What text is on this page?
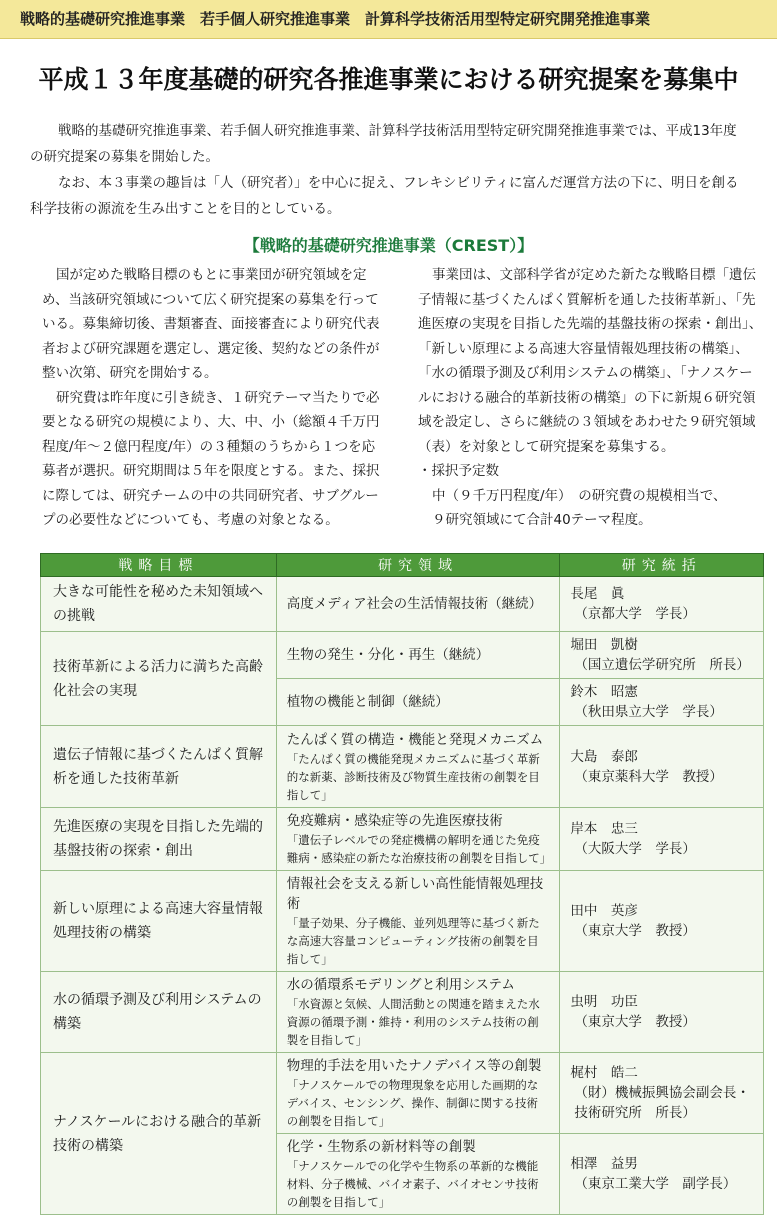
戦略的基礎研究推進事業　若手個人研究推進事業　計算科学技術活用型特定研究開発推進事業
平成１３年度基礎的研究各推進事業における研究提案を募集中

戦略的基礎研究推進事業、若手個人研究推進事業、計算科学技術活用型特定研究開発推進事業では、平成13年度の研究提案の募集を開始した。

なお、本３事業の趣旨は「人（研究者）」を中心に捉え、フレキシビリティに富んだ運営方法の下に、明日を創る科学技術の源流を生み出すことを目的としている。

【戦略的基礎研究推進事業（CREST）】

国が定めた戦略目標のもとに事業団が研究領域を定め、当該研究領域について広く研究提案の募集を行っている。募集締切後、書類審査、面接審査により研究代表者および研究課題を選定し、選定後、契約などの条件が整い次第、研究を開始する。

研究費は昨年度に引き続き、１研究テーマ当たりで必要となる研究の規模により、大、中、小（総額４千万円程度/年〜２億円程度/年）の３種類のうちから１つを応募者が選択。研究期間は５年を限度とする。また、採択に際しては、研究チームの中の共同研究者、サブグループの必要性などについても、考慮の対象となる。

事業団は、文部科学省が定めた新たな戦略目標「遺伝子情報に基づくたんぱく質解析を通した技術革新」、「先進医療の実現を目指した先端的基盤技術の探索・創出」、「新しい原理による高速大容量情報処理技術の構築」、「水の循環予測及び利用システムの構築」、「ナノスケールにおける融合的革新技術の構築」の下に新規６研究領域を設定し、さらに継続の３領域をあわせた９研究領域（表）を対象として研究提案を募集する。

・採択予定数

中（９千万円程度/年）　の研究費の規模相当で、

９研究領域にて合計40テーマ程度。

戦略目標	研究領域	研究統括
大きな可能性を秘めた未知領域への挑戦	高度メディア社会の生活情報技術（継続）	長尾　眞
（京都大学　学長）

技術革新による活力に満ちた高齢化社会の実現	生物の発生・分化・再生（継続）	堀田　凱樹
（国立遺伝学研究所　所長）

	植物の機能と制御（継続）	鈴木　昭憲
（秋田県立大学　学長）

遺伝子情報に基づくたんぱく質解析を通した技術革新	たんぱく質の構造・機能と発現メカニズム
「たんぱく質の機能発現メカニズムに基づく革新的な新薬、診断技術及び物質生産技術の創製を目指して」	大島　泰郎
（東京薬科大学　教授）

先進医療の実現を目指した先端的基盤技術の探索・創出	免疫難病・感染症等の先進医療技術
「遺伝子レベルでの発症機構の解明を通じた免疫難病・感染症の新たな治療技術の創製を目指して」	岸本　忠三
（大阪大学　学長）

新しい原理による高速大容量情報処理技術の構築	情報社会を支える新しい高性能情報処理技術
「量子効果、分子機能、並列処理等に基づく新たな高速大容量コンピューティング技術の創製を目指して」	田中　英彦
（東京大学　教授）

水の循環予測及び利用システムの構築	水の循環系モデリングと利用システム
「水資源と気候、人間活動との関連を踏まえた水資源の循環予測・維持・利用のシステム技術の創製を目指して」	虫明　功臣
（東京大学　教授）

ナノスケールにおける融合的革新技術の構築	物理的手法を用いたナノデバイス等の創製
「ナノスケールでの物理現象を応用した画期的なデバイス、センシング、操作、制御に関する技術の創製を目指して」	梶村　皓二
（財）機械振興協会副会長・技術研究所　所長）

	化学・生物系の新材料等の創製
「ナノスケールでの化学や生物系の革新的な機能材料、分子機械、バイオ素子、バイオセンサ技術の創製を目指して」	相澤　益男
（東京工業大学　副学長）
